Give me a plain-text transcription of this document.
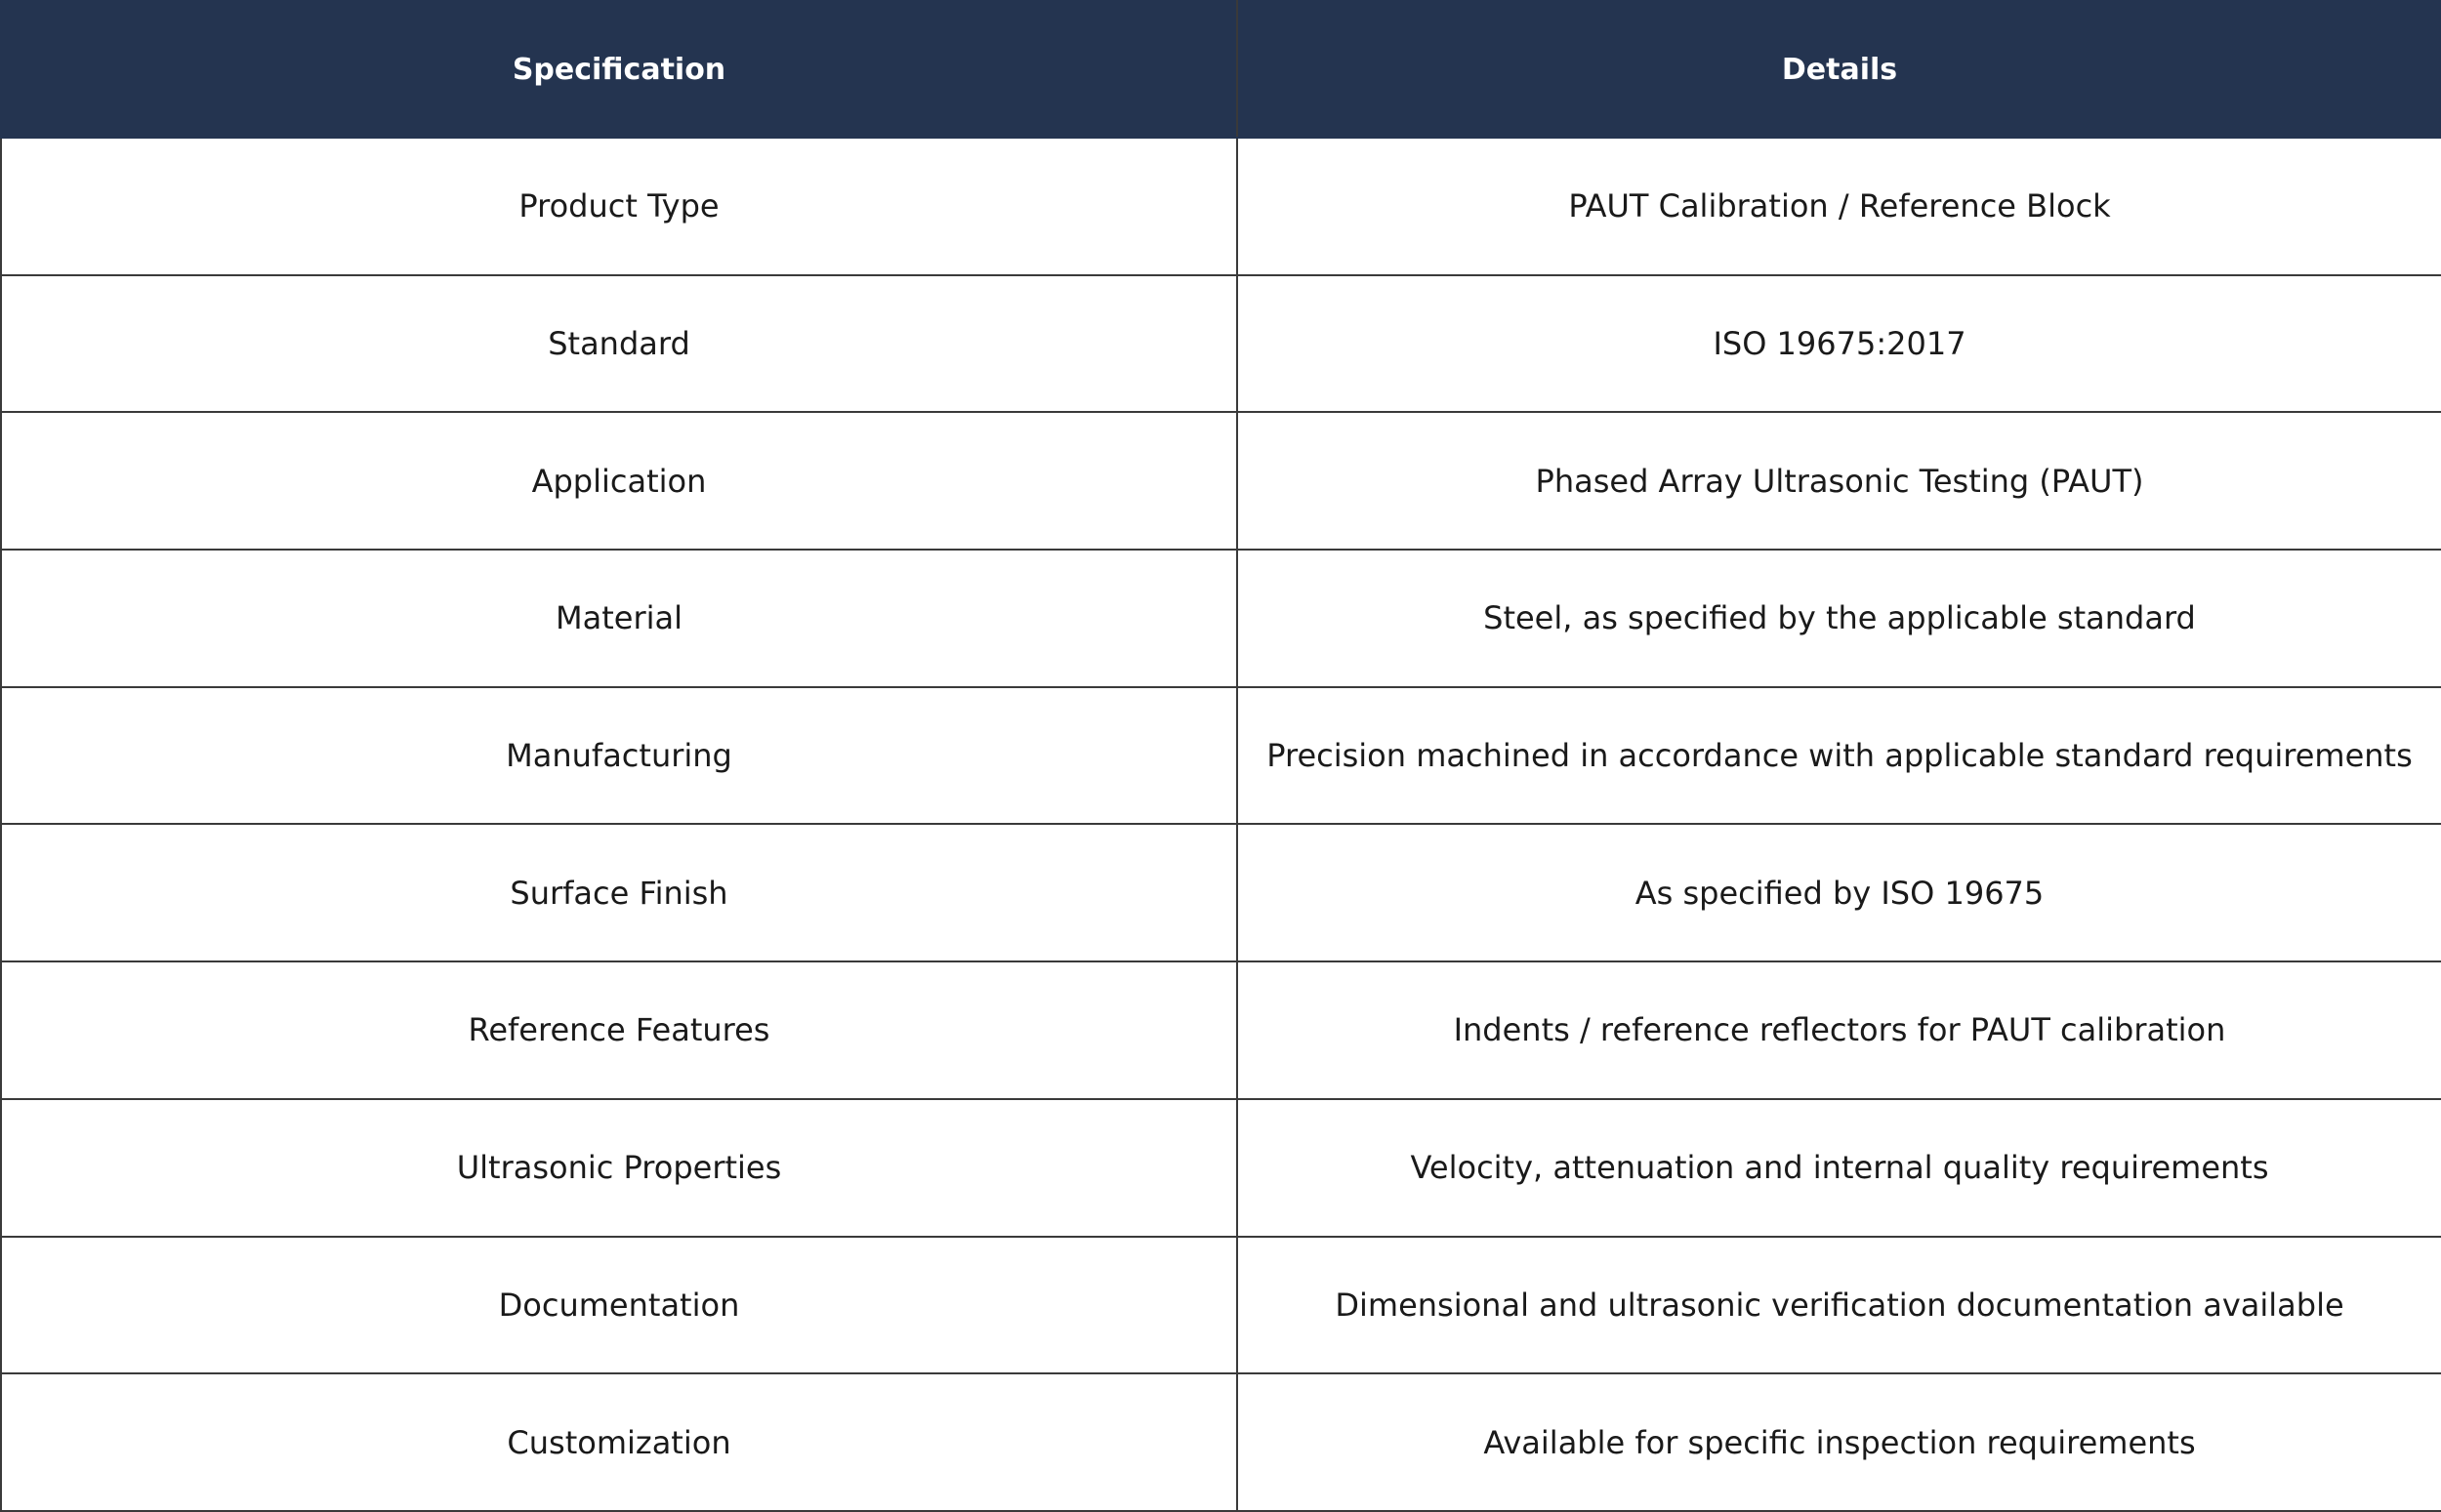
Specification	Details
Product Type	PAUT Calibration / Reference Block
Standard	ISO 19675:2017
Application	Phased Array Ultrasonic Testing (PAUT)
Material	Steel, as specified by the applicable standard
Manufacturing	Precision machined in accordance with applicable standard requirements
Surface Finish	As specified by ISO 19675
Reference Features	Indents / reference reflectors for PAUT calibration
Ultrasonic Properties	Velocity, attenuation and internal quality requirements
Documentation	Dimensional and ultrasonic verification documentation available
Customization	Available for specific inspection requirements
